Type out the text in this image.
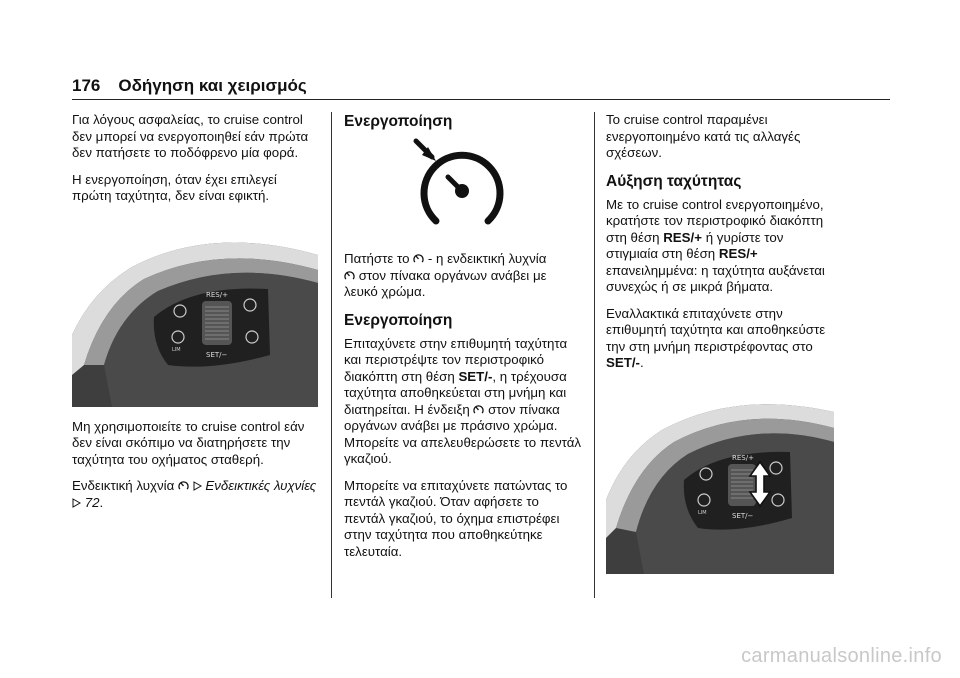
176 Οδήγηση και χειρισμός

Για λόγους ασφαλείας, το cruise control δεν μπορεί να ενεργοποιηθεί εάν πρώτα δεν πατήσετε το ποδόφρενο μία φορά.

Η ενεργοποίηση, όταν έχει επιλεγεί πρώτη ταχύτητα, δεν είναι εφικτή.

RES/+
SET/−
LIM

Μη χρησιμοποιείτε το cruise control εάν δεν είναι σκόπιμο να διατηρήσετε την ταχύτητα του οχήματος σταθερή.

Ενδεικτική λυχνία Ενδεικτικές λυχνίες  72.

Ενεργοποίηση

Πατήστε το - η ενδεικτική λυχνία
στον πίνακα οργάνων ανάβει με λευκό χρώμα.

Ενεργοποίηση

Επιταχύνετε στην επιθυμητή ταχύτητα και περιστρέψτε τον περιστροφικό διακόπτη στη θέση SET/-, η τρέχουσα ταχύτητα αποθηκεύεται στη μνήμη και διατηρείται. Η ένδειξη στον πίνακα οργάνων ανάβει με πράσινο χρώμα. Μπορείτε να απελευθερώσετε το πεντάλ γκαζιού.

Μπορείτε να επιταχύνετε πατώντας το πεντάλ γκαζιού. Όταν αφήσετε το πεντάλ γκαζιού, το όχημα επιστρέφει στην ταχύτητα που αποθηκεύτηκε τελευταία.

Το cruise control παραμένει ενεργοποιημένο κατά τις αλλαγές σχέσεων.

Αύξηση ταχύτητας

Με το cruise control ενεργοποιημένο, κρατήστε τον περιστροφικό διακόπτη στη θέση RES/+ ή γυρίστε τον στιγμιαία στη θέση RES/+ επανειλημμένα: η ταχύτητα αυξάνεται συνεχώς ή σε μικρά βήματα.

Εναλλακτικά επιταχύνετε στην επιθυμητή ταχύτητα και αποθηκεύστε την στη μνήμη περιστρέφοντας στο SET/-.

RES/+
SET/−
LIM
carmanualsonline.info
